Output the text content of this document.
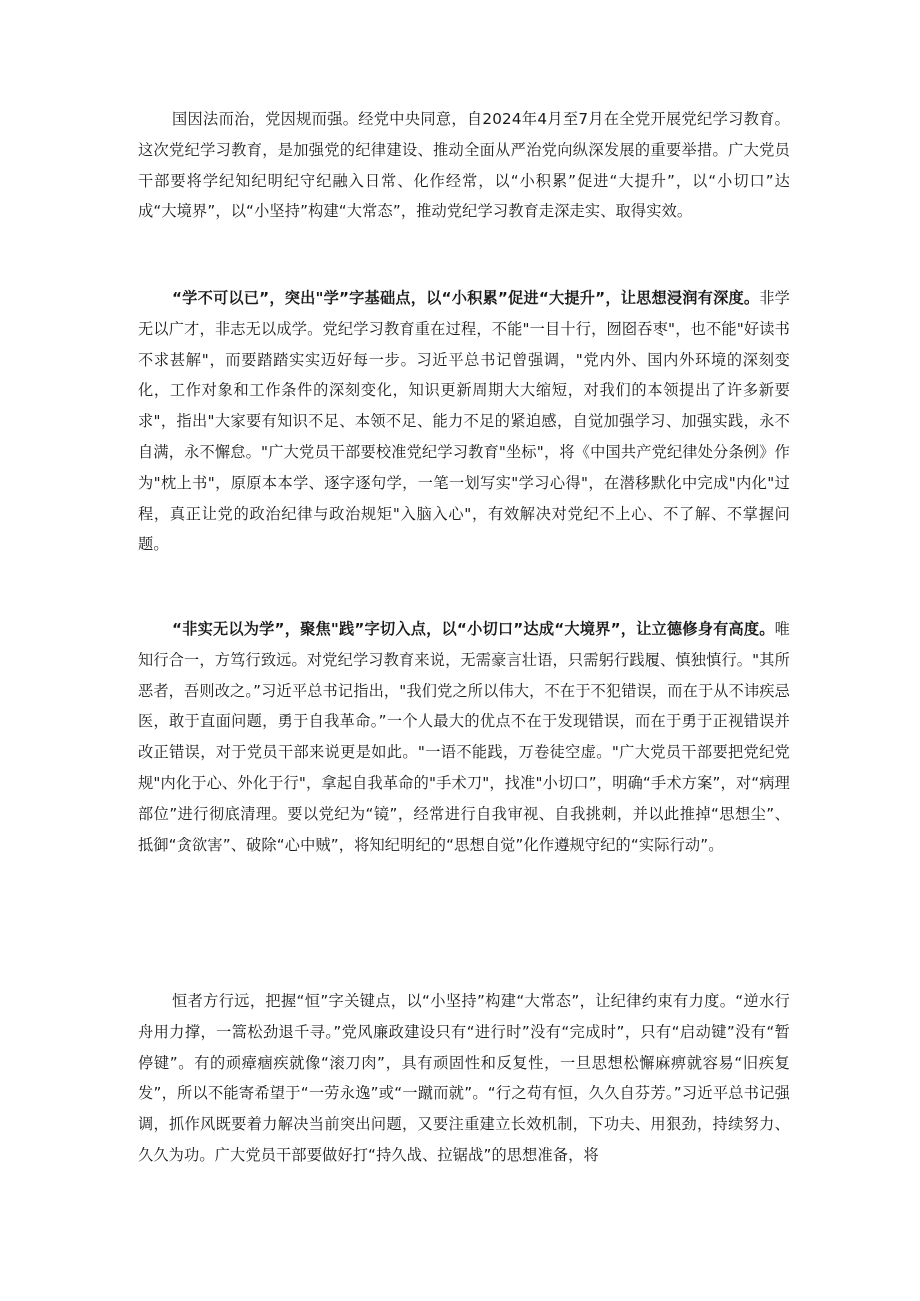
国因法而治，党因规而强。经党中央同意，自2024年4月至7月在全党开展党纪学习教育。这次党纪学习教育，是加强党的纪律建设、推动全面从严治党向纵深发展的重要举措。广大党员干部要将学纪知纪明纪守纪融入日常、化作经常，以“小积累”促进“大提升”，以“小切口”达成“大境界”，以“小坚持”构建“大常态”，推动党纪学习教育走深走实、取得实效。

“学不可以已”，突出"学”字基础点，以“小积累”促进“大提升”，让思想浸润有深度。非学无以广才，非志无以成学。党纪学习教育重在过程，不能"一目十行，囫囵吞枣"，也不能"好读书不求甚解"，而要踏踏实实迈好每一步。习近平总书记曾强调，"党内外、国内外环境的深刻变化，工作对象和工作条件的深刻变化，知识更新周期大大缩短，对我们的本领提出了许多新要求"，指出"大家要有知识不足、本领不足、能力不足的紧迫感，自觉加强学习、加强实践，永不自满，永不懈怠。"广大党员干部要校准党纪学习教育"坐标"，将《中国共产党纪律处分条例》作为"枕上书"，原原本本学、逐字逐句学，一笔一划写实"学习心得"，在潜移默化中完成"内化"过程，真正让党的政治纪律与政治规矩"入脑入心"，有效解决对党纪不上心、不了解、不掌握问题。

“非实无以为学”，聚焦"践”字切入点，以“小切口”达成“大境界”，让立德修身有高度。唯知行合一，方笃行致远。对党纪学习教育来说，无需豪言壮语，只需躬行践履、慎独慎行。"其所恶者，吾则改之。”习近平总书记指出，"我们党之所以伟大，不在于不犯错误，而在于从不讳疾忌医，敢于直面问题，勇于自我革命。”一个人最大的优点不在于发现错误，而在于勇于正视错误并改正错误，对于党员干部来说更是如此。"一语不能践，万卷徒空虚。"广大党员干部要把党纪党规"内化于心、外化于行"，拿起自我革命的"手术刀"，找准"小切口”，明确“手术方案”，对“病理部位”进行彻底清理。要以党纪为“镜”，经常进行自我审视、自我挑刺，并以此推掉“思想尘”、抵御“贪欲害”、破除“心中贼”，将知纪明纪的“思想自觉”化作遵规守纪的“实际行动”。

恒者方行远，把握“恒”字关键点，以“小坚持”构建“大常态”，让纪律约束有力度。“逆水行舟用力撑，一篙松劲退千寻。”党风廉政建设只有“进行时”没有“完成时”，只有“启动键”没有“暂停键”。有的顽瘴痼疾就像“滚刀肉”，具有顽固性和反复性，一旦思想松懈麻痹就容易“旧疾复发”，所以不能寄希望于“一劳永逸”或“一蹴而就”。“行之苟有恒，久久自芬芳。”习近平总书记强调，抓作风既要着力解决当前突出问题，又要注重建立长效机制，下功夫、用狠劲，持续努力、久久为功。广大党员干部要做好打“持久战、拉锯战”的思想准备，将
